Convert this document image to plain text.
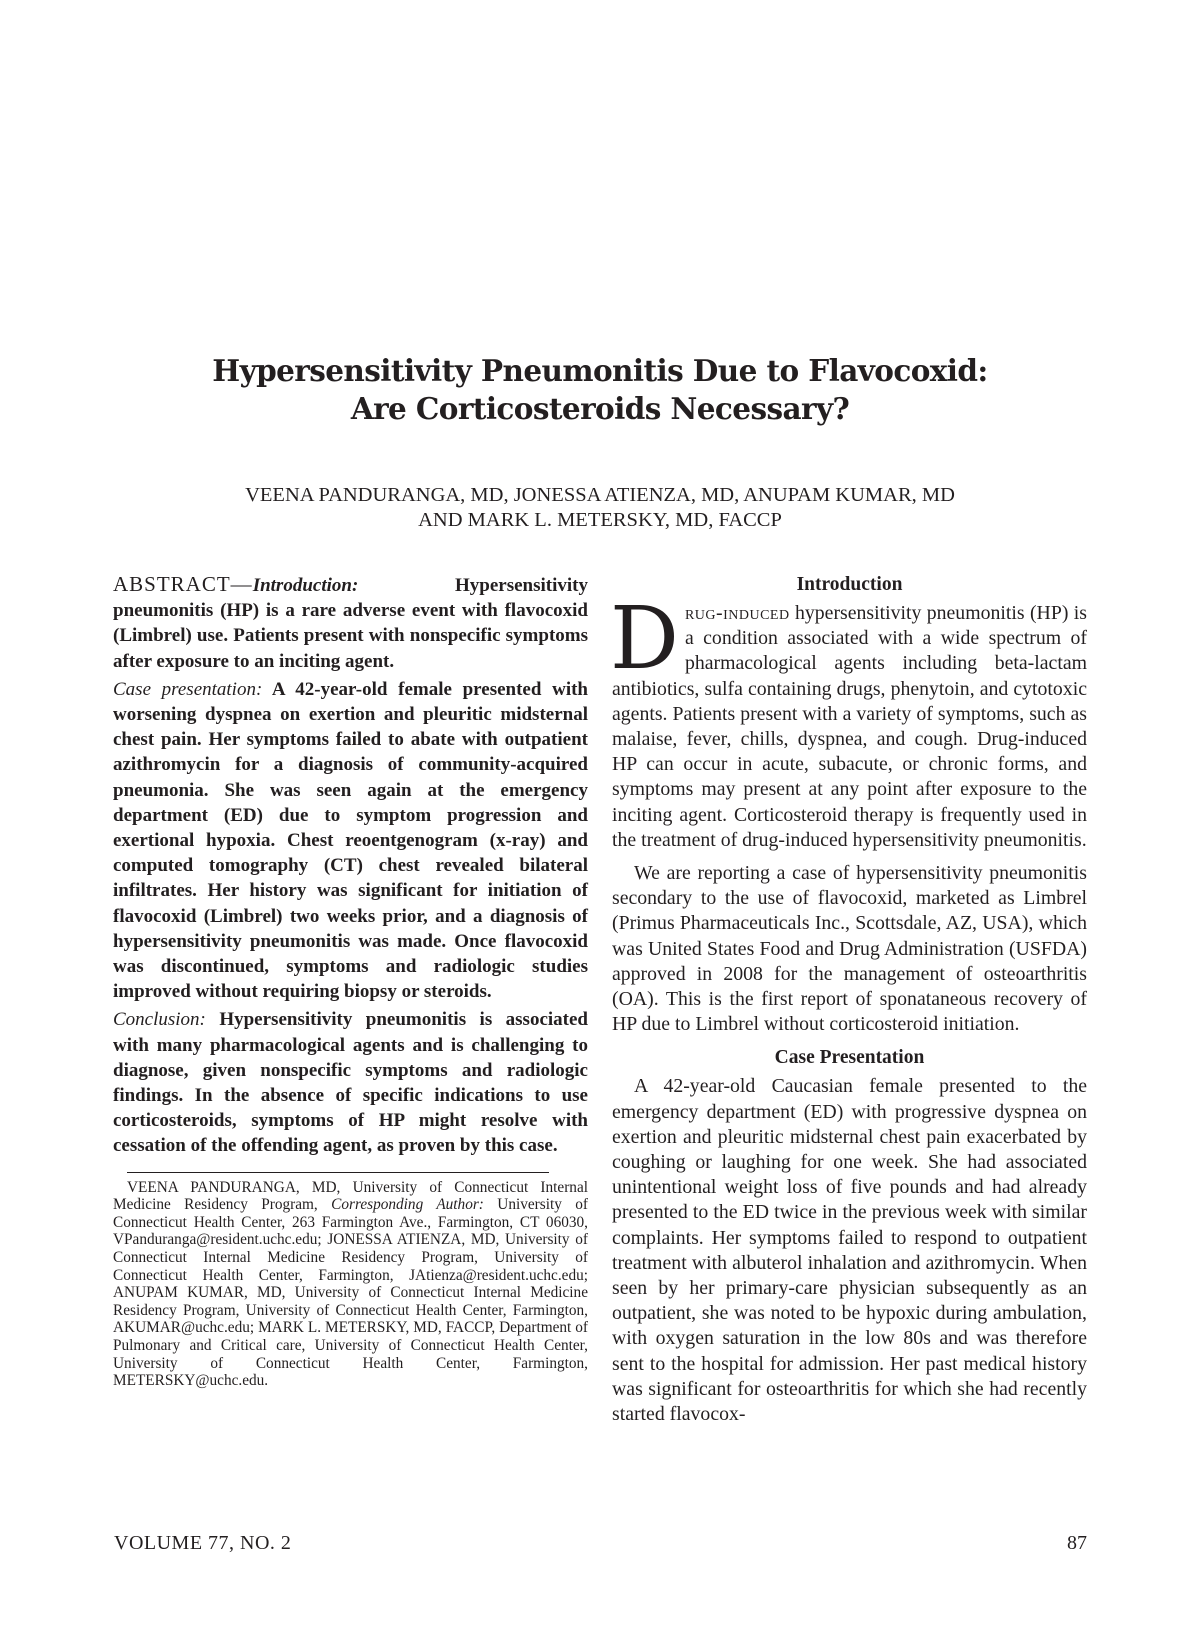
Hypersensitivity Pneumonitis Due to Flavocoxid:
Are Corticosteroids Necessary?
VEENA PANDURANGA, MD, JONESSA ATIENZA, MD, ANUPAM KUMAR, MD
AND MARK L. METERSKY, MD, FACCP

ABSTRACT—Introduction: Hypersensitivity pneumonitis (HP) is a rare adverse event with flavocoxid (Limbrel) use. Patients present with nonspecific symptoms after exposure to an inciting agent.

Case presentation: A 42-year-old female presented with worsening dyspnea on exertion and pleuritic midsternal chest pain. Her symptoms failed to abate with outpatient azithromycin for a diagnosis of community-acquired pneumonia. She was seen again at the emergency department (ED) due to symptom progression and exertional hypoxia. Chest reoentgenogram (x-ray) and computed tomography (CT) chest revealed bilateral infiltrates. Her history was significant for initiation of flavocoxid (Limbrel) two weeks prior, and a diagnosis of hypersensitivity pneumonitis was made. Once flavocoxid was discontinued, symptoms and radiologic studies improved without requiring biopsy or steroids.

Conclusion: Hypersensitivity pneumonitis is associated with many pharmacological agents and is challenging to diagnose, given nonspecific symptoms and radiologic findings. In the absence of specific indications to use corticosteroids, symptoms of HP might resolve with cessation of the offending agent, as proven by this case.

VEENA PANDURANGA, MD, University of Connecticut Internal Medicine Residency Program, Corresponding Author: University of Connecticut Health Center, 263 Farmington Ave., Farmington, CT 06030, VPanduranga@resident.uchc.edu; JONESSA ATIENZA, MD, University of Connecticut Internal Medicine Residency Program, University of Connecticut Health Center, Farmington, JAtienza@resident.uchc.edu; ANUPAM KUMAR, MD, University of Connecticut Internal Medicine Residency Program, University of Connecticut Health Center, Farmington, AKUMAR@uchc.edu; MARK L. METERSKY, MD, FACCP, Department of Pulmonary and Critical care, University of Connecticut Health Center, University of Connecticut Health Center, Farmington, METERSKY@uchc.edu.
Introduction

Drug-induced hypersensitivity pneumonitis (HP) is a condition associated with a wide spectrum of pharmacological agents including beta-lactam antibiotics, sulfa containing drugs, phenytoin, and cytotoxic agents. Patients present with a variety of symptoms, such as malaise, fever, chills, dyspnea, and cough. Drug-induced HP can occur in acute, subacute, or chronic forms, and symptoms may present at any point after exposure to the inciting agent. Corticosteroid therapy is frequently used in the treatment of drug-induced hypersensitivity pneumonitis.

We are reporting a case of hypersensitivity pneumonitis secondary to the use of flavocoxid, marketed as Limbrel (Primus Pharmaceuticals Inc., Scottsdale, AZ, USA), which was United States Food and Drug Administration (USFDA) approved in 2008 for the management of osteoarthritis (OA). This is the first report of sponataneous recovery of HP due to Limbrel without corticosteroid initiation.

Case Presentation

A 42-year-old Caucasian female presented to the emergency department (ED) with progressive dyspnea on exertion and pleuritic midsternal chest pain exacerbated by coughing or laughing for one week. She had associated unintentional weight loss of five pounds and had already presented to the ED twice in the previous week with similar complaints. Her symptoms failed to respond to outpatient treatment with albuterol inhalation and azithromycin. When seen by her primary-care physician subsequently as an outpatient, she was noted to be hypoxic during ambulation, with oxygen saturation in the low 80s and was therefore sent to the hospital for admission. Her past medical history was significant for osteoarthritis for which she had recently started flavocox-

VOLUME 77, NO. 2	87
